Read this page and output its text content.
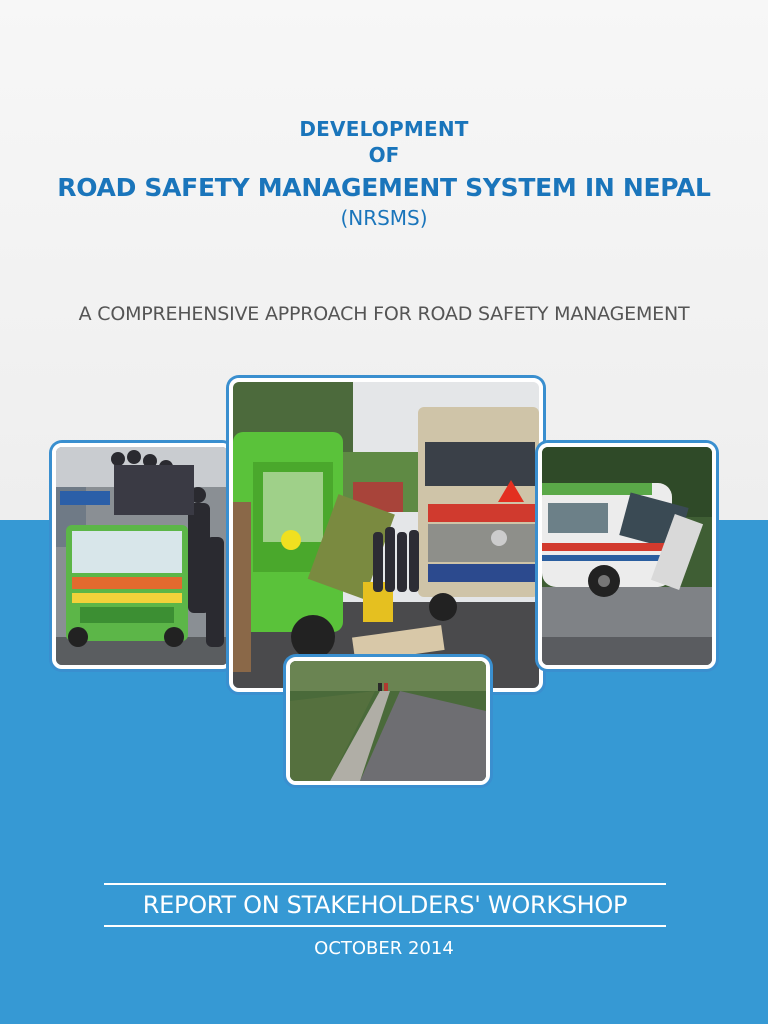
DEVELOPMENT
OF
ROAD SAFETY MANAGEMENT SYSTEM IN NEPAL
(NRSMS)
A COMPREHENSIVE APPROACH FOR ROAD SAFETY MANAGEMENT
REPORT ON STAKEHOLDERS' WORKSHOP
OCTOBER 2014
